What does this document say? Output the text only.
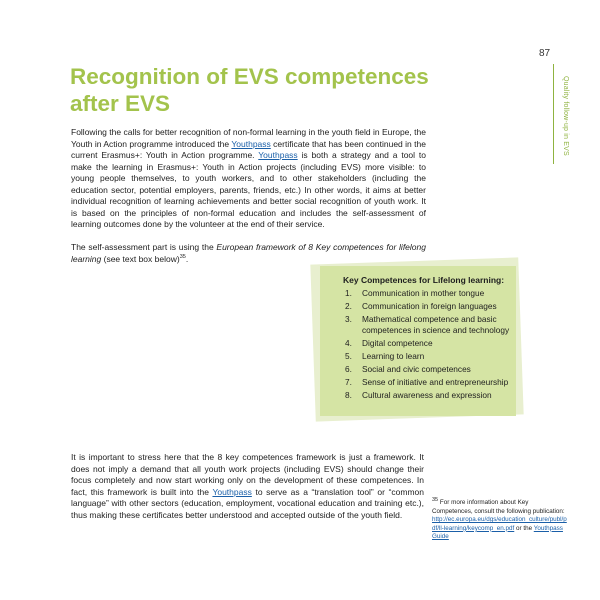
87
Quality follow-up in EVS
Recognition of EVS competences
after EVS

Following the calls for better recognition of non-formal learning in the youth field in Europe, the Youth in Action programme introduced the Youthpass certificate that has been continued in the current Erasmus+: Youth in Action programme. Youthpass is both a strategy and a tool to make the learning in Erasmus+: Youth in Action projects (including EVS) more visible: to young people themselves, to youth workers, and to other stakeholders (including the education sector, potential employers, parents, friends, etc.) In other words, it aims at better individual recognition of learning achievements and better social recognition of youth work. It is based on the principles of non-formal education and includes the self-assessment of learning outcomes done by the volunteer at the end of their service.

The self-assessment part is using the European framework of 8 Key competences for lifelong learning (see text box below)$^{35}$.

Key Competences for Lifelong learning:

1.	Communication in mother tongue
2.	Communication in foreign languages
3.	Mathematical competence and basic competences in science and technology
4.	Digital competence
5.	Learning to learn
6.	Social and civic competences
7.	Sense of initiative and entrepreneurship
8.	Cultural awareness and expression

It is important to stress here that the 8 key competences framework is just a framework. It does not imply a demand that all youth work projects (including EVS) should change their focus completely and now start working only on the development of these competences. In fact, this framework is built into the Youthpass to serve as a “translation tool” or “common language” with other sectors (education, employment, vocational education and training etc.), thus making these certificates better understood and accepted outside of the youth field.

35 For more information about Key Competences, consult the following publication: http://ec.europa.eu/dgs/education_culture/publ/pdf/ll-learning/keycomp_en.pdf or the Youthpass Guide
